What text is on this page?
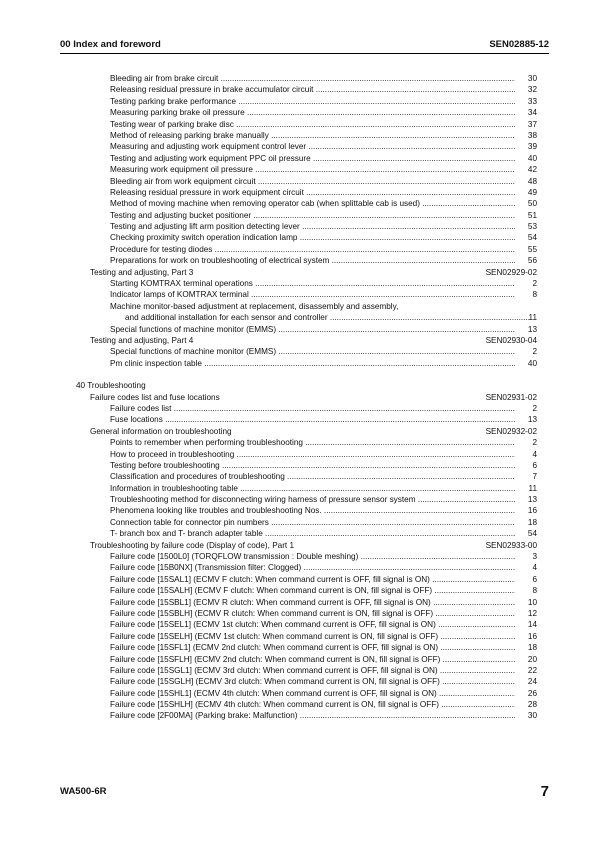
00 Index and foreword	SEN02885-12
Bleeding air from brake circuit .....	30
Releasing residual pressure in brake accumulator circuit .....	32
Testing parking brake performance .....	33
Measuring parking brake oil pressure .....	34
Testing wear of parking brake disc .....	37
Method of releasing parking brake manually .....	38
Measuring and adjusting work equipment control lever .....	39
Testing and adjusting work equipment PPC oil pressure .....	40
Measuring work equipment oil pressure .....	42
Bleeding air from work equipment circuit .....	48
Releasing residual pressure in work equipment circuit .....	49
Method of moving machine when removing operator cab (when splittable cab is used) .....	50
Testing and adjusting bucket positioner .....	51
Testing and adjusting lift arm position detecting lever .....	53
Checking proximity switch operation indication lamp .....	54
Procedure for testing diodes .....	55
Preparations for work on troubleshooting of electrical system .....	56
Testing and adjusting, Part 3	SEN02929-02
Starting KOMTRAX terminal operations .....	2
Indicator lamps of KOMTRAX terminal .....	8
Machine monitor-based adjustment at replacement, disassembly and assembly,
and additional installation for each sensor and controller .....	11
Special functions of machine monitor (EMMS) .....	13
Testing and adjusting, Part 4	SEN02930-04
Special functions of machine monitor (EMMS) .....	2
Pm clinic inspection table .....	40
40 Troubleshooting
Failure codes list and fuse locations	SEN02931-02
Failure codes list .....	2
Fuse locations .....	13
General information on troubleshooting	SEN02932-02
Points to remember when performing troubleshooting .....	2
How to proceed in troubleshooting .....	4
Testing before troubleshooting .....	6
Classification and procedures of troubleshooting .....	7
Information in troubleshooting table .....	11
Troubleshooting method for disconnecting wiring harness of pressure sensor system .....	13
Phenomena looking like troubles and troubleshooting Nos. .....	16
Connection table for connector pin numbers .....	18
T- branch box and T- branch adapter table .....	54
Troubleshooting by failure code (Display of code), Part 1	SEN02933-00
Failure code [1500L0] (TORQFLOW transmission : Double meshing) .....	3
Failure code [15B0NX] (Transmission filter: Clogged) .....	4
Failure code [15SAL1] (ECMV F clutch: When command current is OFF, fill signal is ON) .....	6
Failure code [15SALH] (ECMV F clutch: When command current is ON, fill signal is OFF) .....	8
Failure code [15SBL1] (ECMV R clutch: When command current is OFF, fill signal is ON) .....	10
Failure code [15SBLH] (ECMV R clutch: When command current is ON, fill signal is OFF) .....	12
Failure code [15SEL1] (ECMV 1st clutch: When command current is OFF, fill signal is ON) .....	14
Failure code [15SELH] (ECMV 1st clutch: When command current is ON, fill signal is OFF) .....	16
Failure code [15SFL1] (ECMV 2nd clutch: When command current is OFF, fill signal is ON) .....	18
Failure code [15SFLH] (ECMV 2nd clutch: When command current is ON, fill signal is OFF) .....	20
Failure code [15SGL1] (ECMV 3rd clutch: When command current is OFF, fill signal is ON) .....	22
Failure code [15SGLH] (ECMV 3rd clutch: When command current is ON, fill signal is OFF) .....	24
Failure code [15SHL1] (ECMV 4th clutch: When command current is OFF, fill signal is ON) .....	26
Failure code [15SHLH] (ECMV 4th clutch: When command current is ON, fill signal is OFF) .....	28
Failure code [2F00MA] (Parking brake: Malfunction) .....	30
WA500-6R	7
